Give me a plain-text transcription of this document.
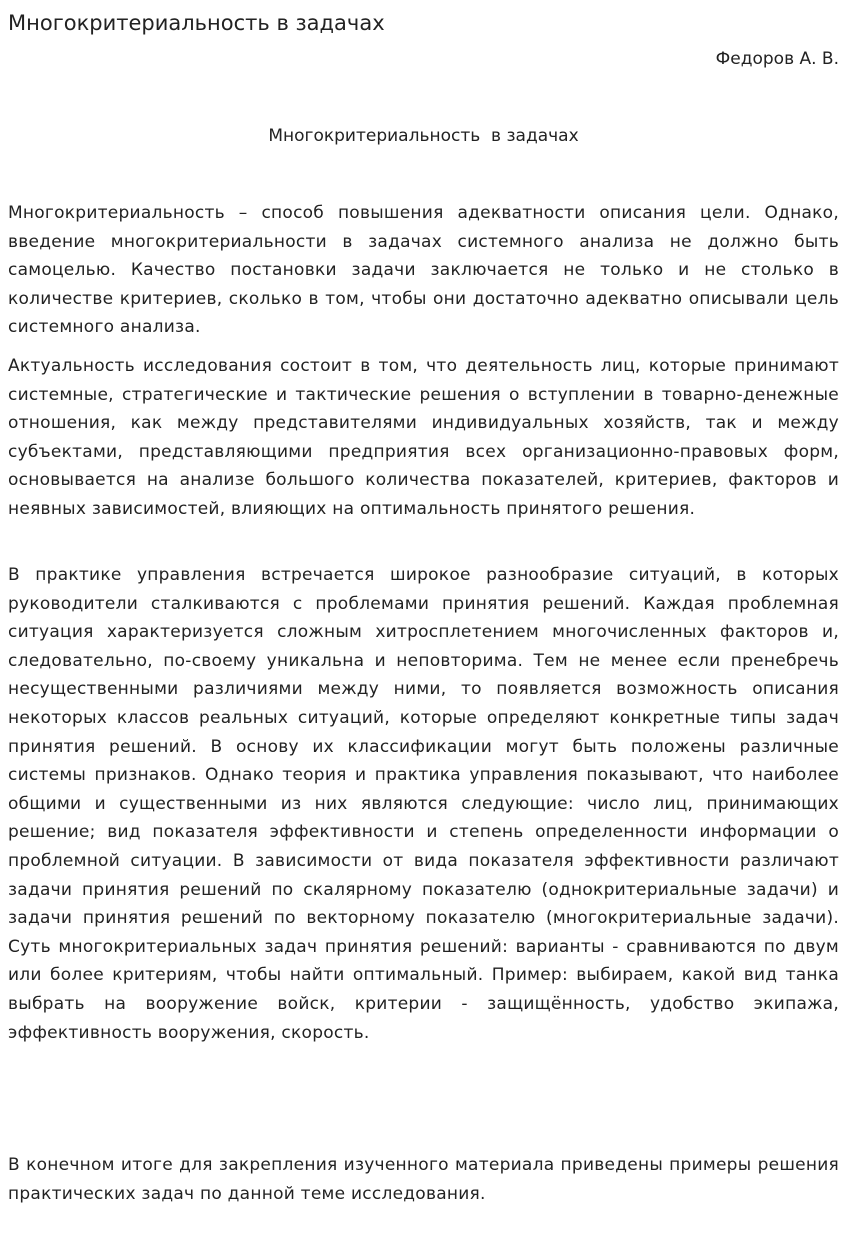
Многокритериальность в задачах

Федоров А. В.

Многокритериальность  в задачах

Многокритериальность – способ повышения адекватности описания цели. Однако, введение многокритериальности в задачах системного анализа не должно быть самоцелью. Качество постановки задачи заключается не только и не столько в количестве критериев, сколько в том, чтобы они достаточно адекватно описывали цель системного анализа.

Актуальность исследования состоит в том, что деятельность лиц, которые принимают системные, стратегические и тактические решения о вступлении в товарно-денежные отношения, как между представителями индивидуальных хозяйств, так и между субъектами, представляющими предприятия всех организационно-правовых форм, основывается на анализе большого количества показателей, критериев, факторов и неявных зависимостей, влияющих на оптимальность принятого решения.

В практике управления встречается широкое разнообразие ситуаций, в которых руководители сталкиваются с проблемами принятия решений. Каждая проблемная ситуация характеризуется сложным хитросплетением многочисленных факторов и, следовательно, по-своему уникальна и неповторима. Тем не менее если пренебречь несущественными различиями между ними, то появляется возможность описания некоторых классов реальных ситуаций, которые определяют конкретные типы задач принятия решений. В основу их классификации могут быть положены различные системы признаков. Однако теория и практика управления показывают, что наиболее общими и существенными из них являются следующие: число лиц, принимающих решение; вид показателя эффективности и степень определенности информации о проблемной ситуации. В зависимости от вида показателя эффективности различают задачи принятия решений по скалярному показателю (однокритериальные задачи) и задачи принятия решений по векторному показателю (многокритериальные задачи). Суть многокритериальных задач принятия решений: варианты - сравниваются по двум или более критериям, чтобы найти оптимальный. Пример: выбираем, какой вид танка выбрать на вооружение войск, критерии - защищённость, удобство экипажа, эффективность вооружения, скорость.

В конечном итоге для закрепления изученного материала приведены примеры решения практических задач по данной теме исследования.
